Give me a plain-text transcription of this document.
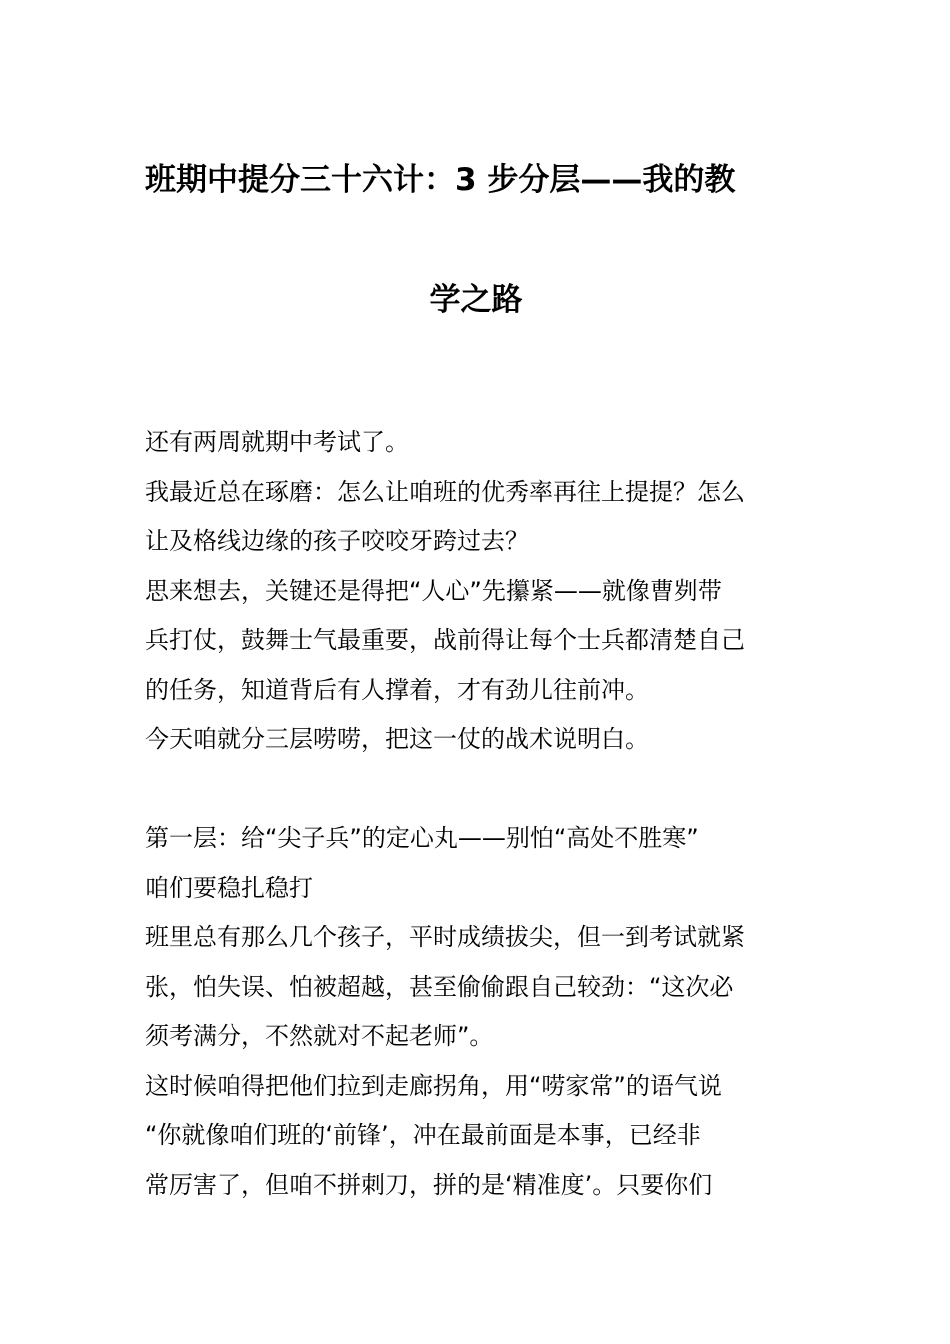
班期中提分三十六计：3 步分层——我的教
学之路

还有两周就期中考试了。

我最近总在琢磨：怎么让咱班的优秀率再往上提提？怎么

让及格线边缘的孩子咬咬牙跨过去？

思来想去，关键还是得把“人心”先攥紧——就像曹刿带

兵打仗，鼓舞士气最重要，战前得让每个士兵都清楚自己

的任务，知道背后有人撑着，才有劲儿往前冲。

今天咱就分三层唠唠，把这一仗的战术说明白。

第一层：给“尖子兵”的定心丸——别怕“高处不胜寒”

咱们要稳扎稳打

班里总有那么几个孩子，平时成绩拔尖，但一到考试就紧

张，怕失误、怕被超越，甚至偷偷跟自己较劲：“这次必

须考满分，不然就对不起老师”。

这时候咱得把他们拉到走廊拐角，用“唠家常”的语气说

“你就像咱们班的‘前锋’，冲在最前面是本事，已经非

常厉害了，但咱不拼刺刀，拼的是‘精准度’。只要你们
